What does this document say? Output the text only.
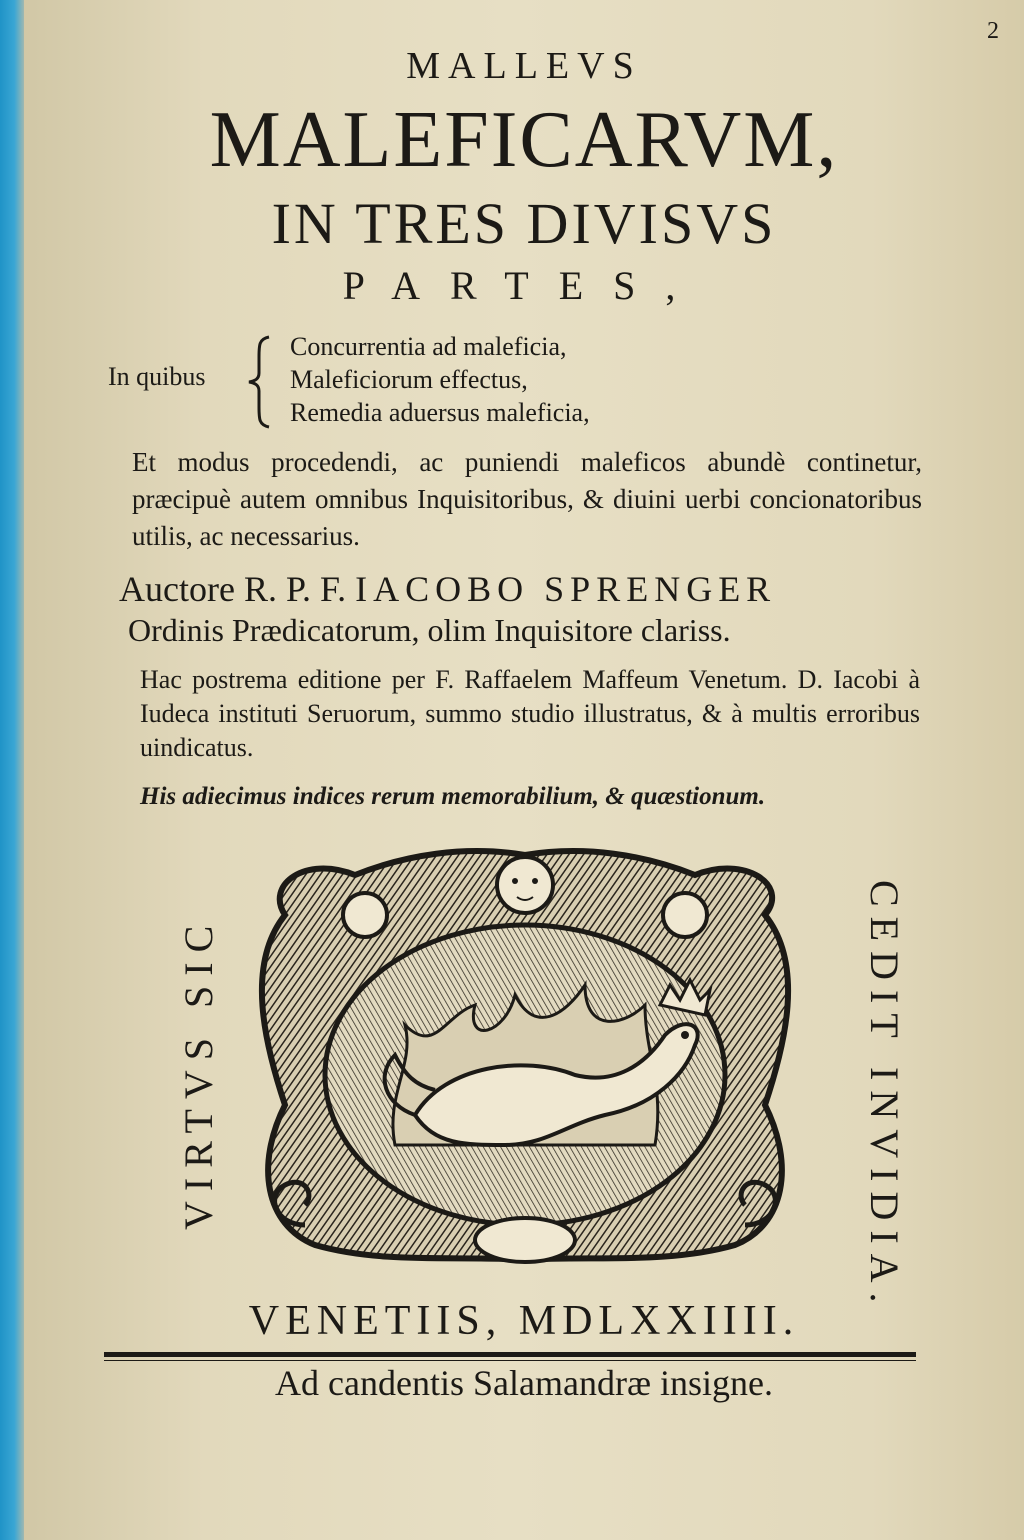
2
MALLEVS
MALEFICARVM,
IN TRES DIVISVS
PARTES,
In quibus
Concurrentia ad maleficia,
Maleficiorum effectus,
Remedia aduersus maleficia,
Et modus procedendi, ac puniendi maleficos abundè continetur, præcipuè autem omnibus Inquisitoribus, & diuini uerbi concionatoribus utilis, ac necessarius.
Auctore R. P. F. IACOBO SPRENGER
Ordinis Prædicatorum, olim Inquisitore clariss.
Hac postrema editione per F. Raffaelem Maffeum Venetum. D. Iacobi à Iudeca instituti Seruorum, summo studio illustratus, & à multis erroribus uindicatus.
His adiecimus indices rerum memorabilium, & quæstionum.
VIRTVS SIC	CEDIT INVIDIA.
VENETIIS, MDLXXIIII.
Ad candentis Salamandræ insigne.
